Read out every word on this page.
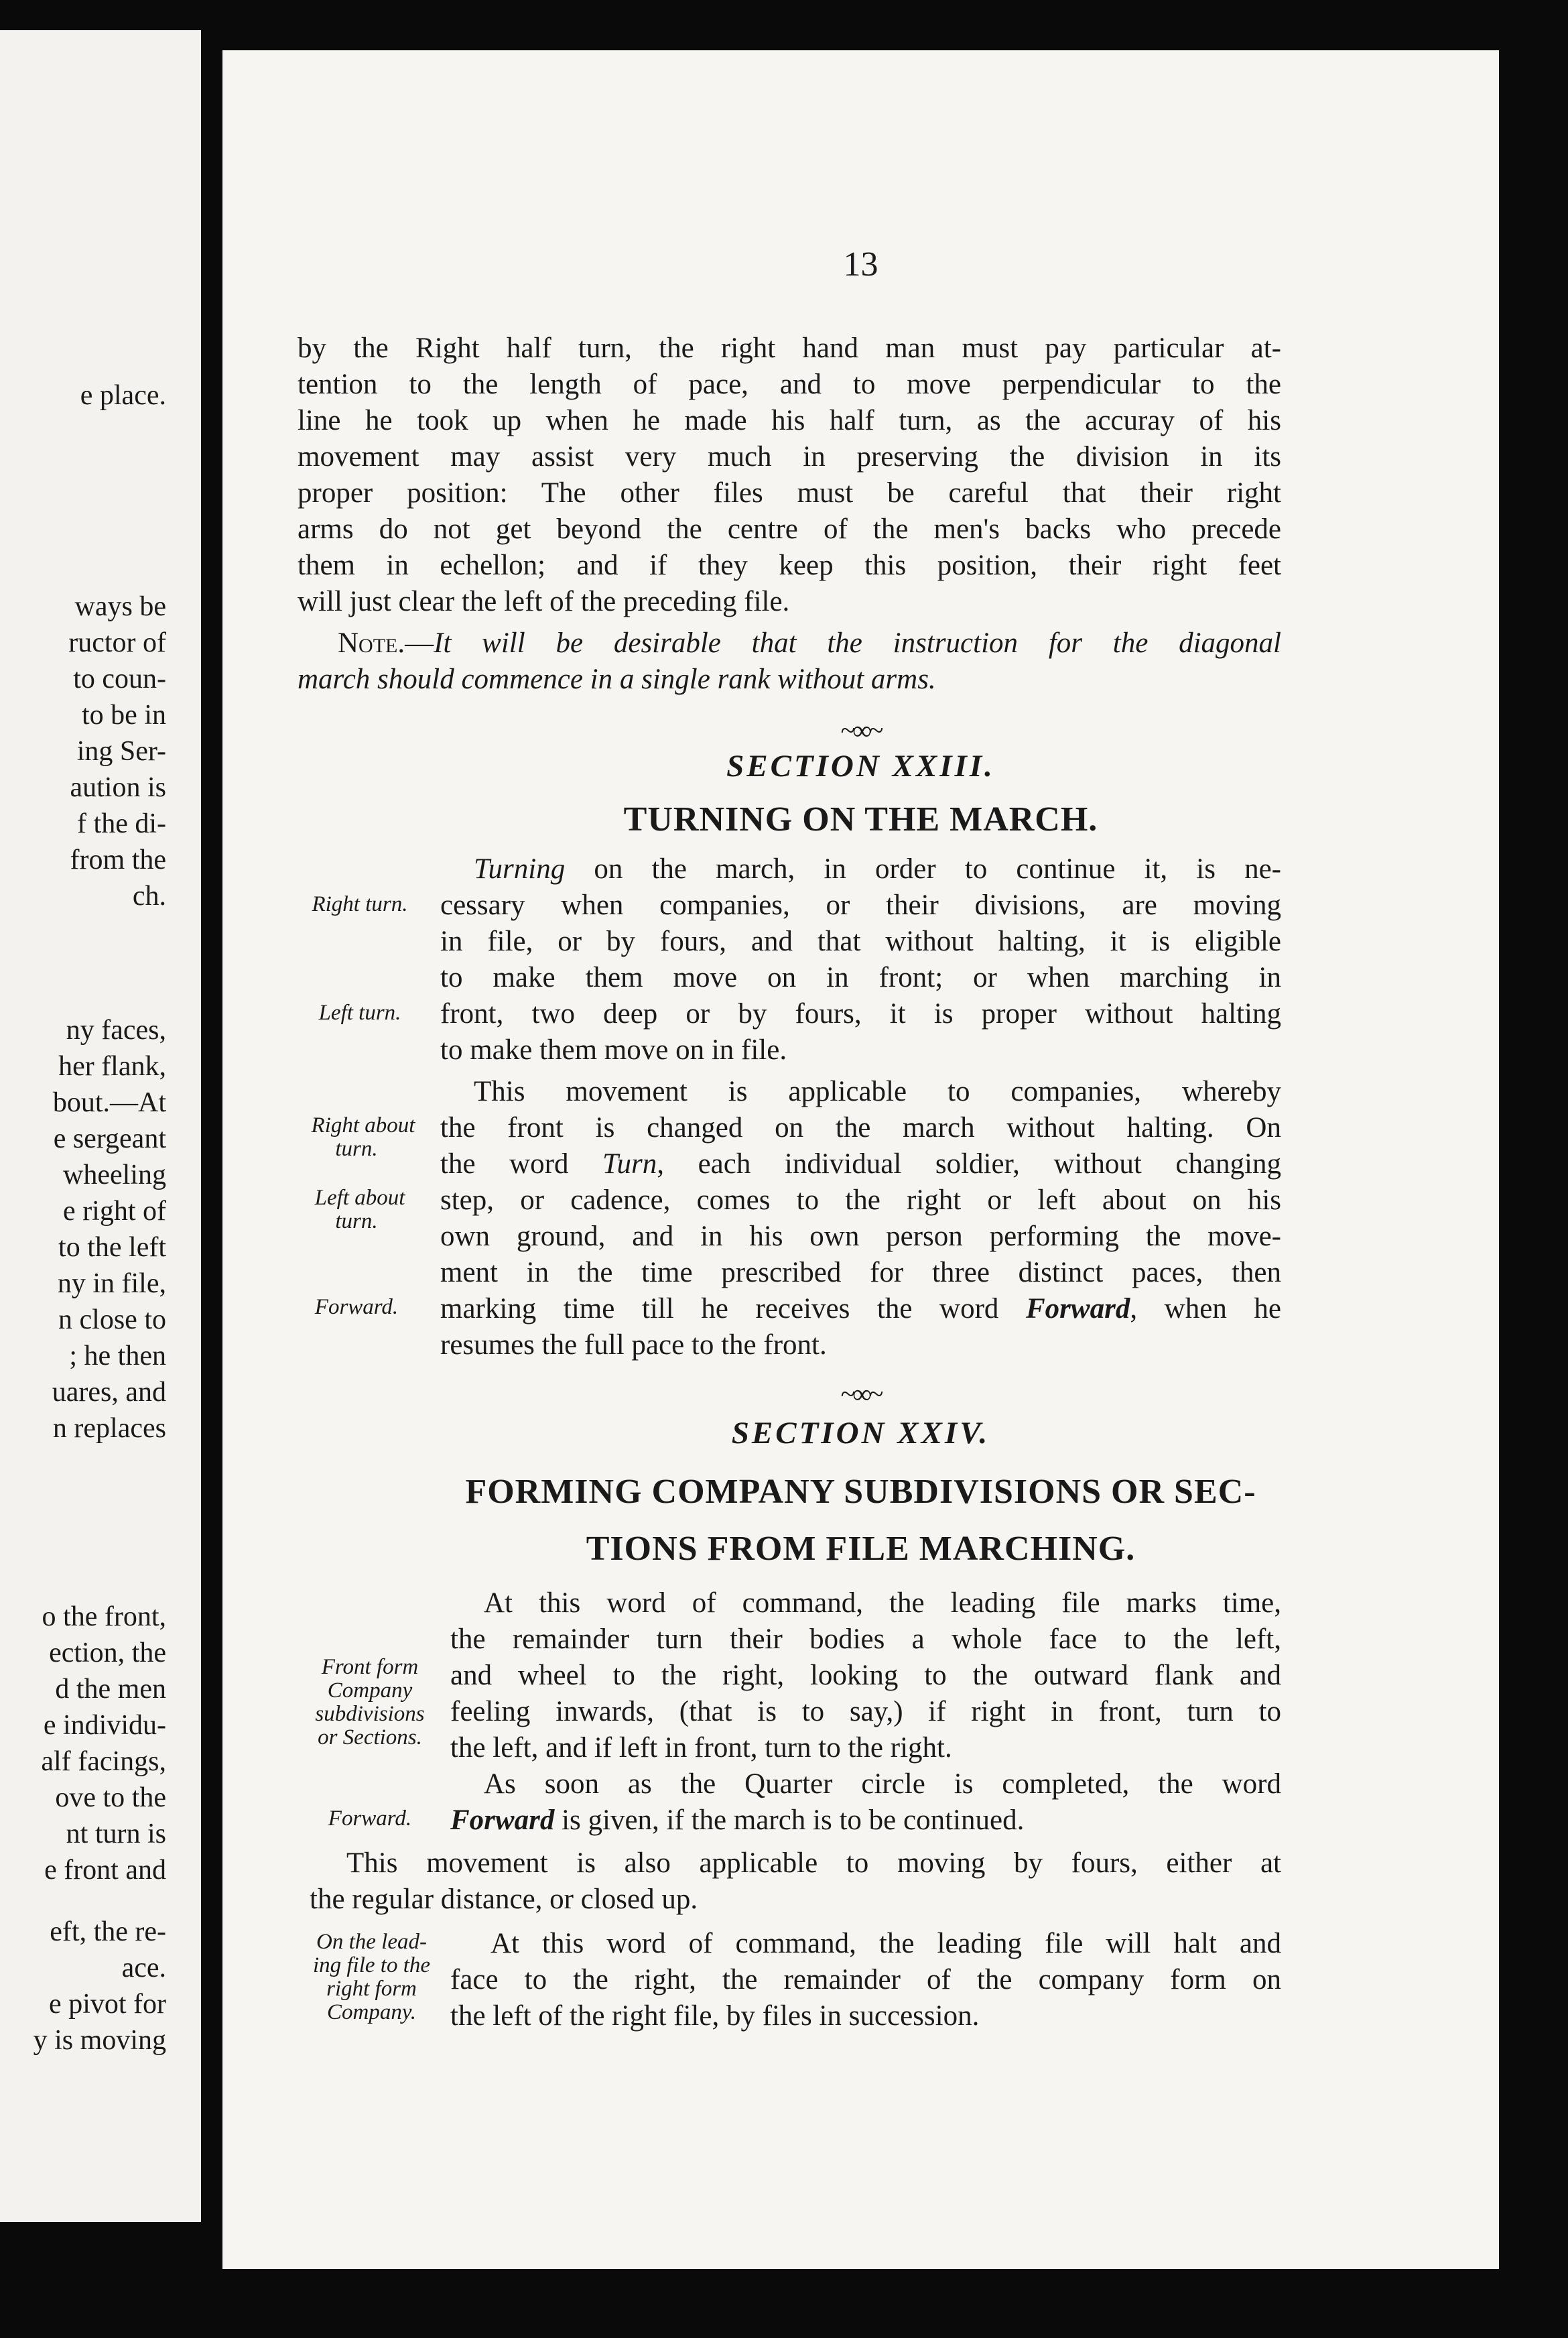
e place.
ways be
ructor of
to coun-
to be in
ing Ser-
aution is
f the di-
from the
ch.
ny faces,
her flank,
bout.—At
e sergeant
wheeling
e right of
to the left
ny in file,
n close to
; he then
uares, and
n replaces
o the front,
ection, the
d the men
e individu-
alf facings,
ove to the
nt turn is
e front and
eft, the re-
ace.
e pivot for
y is moving
13
by the Right half turn, the right hand man must pay particular at-
tention to the length of pace, and to move perpendicular to the
line he took up when he made his half turn, as the accuray of his
movement may assist very much in preserving the division in its
proper position: The other files must be careful that their right
arms do not get beyond the centre of the men's backs who precede
them in echellon; and if they keep this position, their right feet
will just clear the left of the preceding file.
Note.—It will be desirable that the instruction for the diagonal
march should commence in a single rank without arms.
~∞~
SECTION XXIII.
TURNING ON THE MARCH.
Turning on the march, in order to continue it, is ne-
cessary when companies, or their divisions, are moving
in file, or by fours, and that without halting, it is eligible
to make them move on in front; or when marching in
front, two deep or by fours, it is proper without halting
to make them move on in file.
This movement is applicable to companies, whereby
the front is changed on the march without halting. On
the word Turn, each individual soldier, without changing
step, or cadence, comes to the right or left about on his
own ground, and in his own person performing the move-
ment in the time prescribed for three distinct paces, then
marking time till he receives the word Forward, when he
resumes the full pace to the front.
Right turn.
Left turn.
Right about
turn.
Left about
turn.
Forward.
~∞~
SECTION XXIV.
FORMING COMPANY SUBDIVISIONS OR SEC-
TIONS FROM FILE MARCHING.
At this word of command, the leading file marks time,
the remainder turn their bodies a whole face to the left,
and wheel to the right, looking to the outward flank and
feeling inwards, (that is to say,) if right in front, turn to
the left, and if left in front, turn to the right.
As soon as the Quarter circle is completed, the word
Forward is given, if the march is to be continued.
This movement is also applicable to moving by fours, either at
the regular distance, or closed up.
At this word of command, the leading file will halt and
face to the right, the remainder of the company form on
the left of the right file, by files in succession.
Front form
Company
subdivisions
or Sections.
Forward.
On the lead-
ing file to the
right form
Company.
